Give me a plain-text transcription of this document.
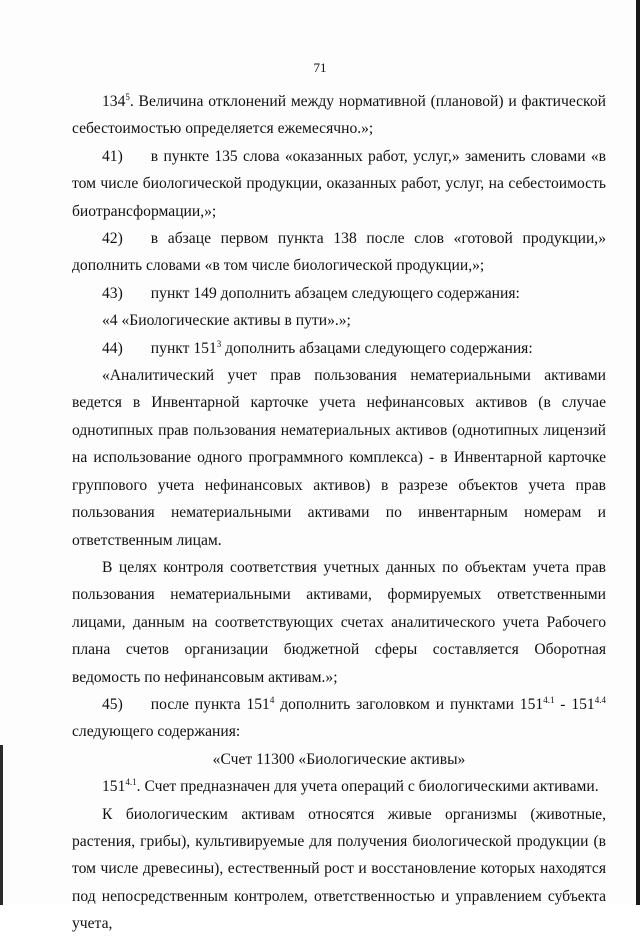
71

$134^5$. Величина отклонений между нормативной (плановой) и фактической себестоимостью определяется ежемесячно.»;

41) в пункте 135 слова «оказанных работ, услуг,» заменить словами «в том числе биологической продукции, оказанных работ, услуг, на себестоимость биотрансформации,»;

42) в абзаце первом пункта 138 после слов «готовой продукции,» дополнить словами «в том числе биологической продукции,»;

43) пункт 149 дополнить абзацем следующего содержания:

«4 «Биологические активы в пути».»;

44) пункт $151^3$ дополнить абзацами следующего содержания:

«Аналитический учет прав пользования нематериальными активами ведется в Инвентарной карточке учета нефинансовых активов (в случае однотипных прав пользования нематериальных активов (однотипных лицензий на использование одного программного комплекса) - в Инвентарной карточке группового учета нефинансовых активов) в разрезе объектов учета прав пользования нематериальными активами по инвентарным номерам и ответственным лицам.

В целях контроля соответствия учетных данных по объектам учета прав пользования нематериальными активами, формируемых ответственными лицами, данным на соответствующих счетах аналитического учета Рабочего плана счетов организации бюджетной сферы составляется Оборотная ведомость по нефинансовым активам.»;

45) после пункта $151^4$ дополнить заголовком и пунктами $151^{4.1} - 151^{4.4}$ следующего содержания:

«Счет 11300 «Биологические активы»

$151^{4.1}$. Счет предназначен для учета операций с биологическими активами.

К биологическим активам относятся живые организмы (животные, растения, грибы), культивируемые для получения биологической продукции (в том числе древесины), естественный рост и восстановление которых находятся под непосредственным контролем, ответственностью и управлением субъекта учета,
